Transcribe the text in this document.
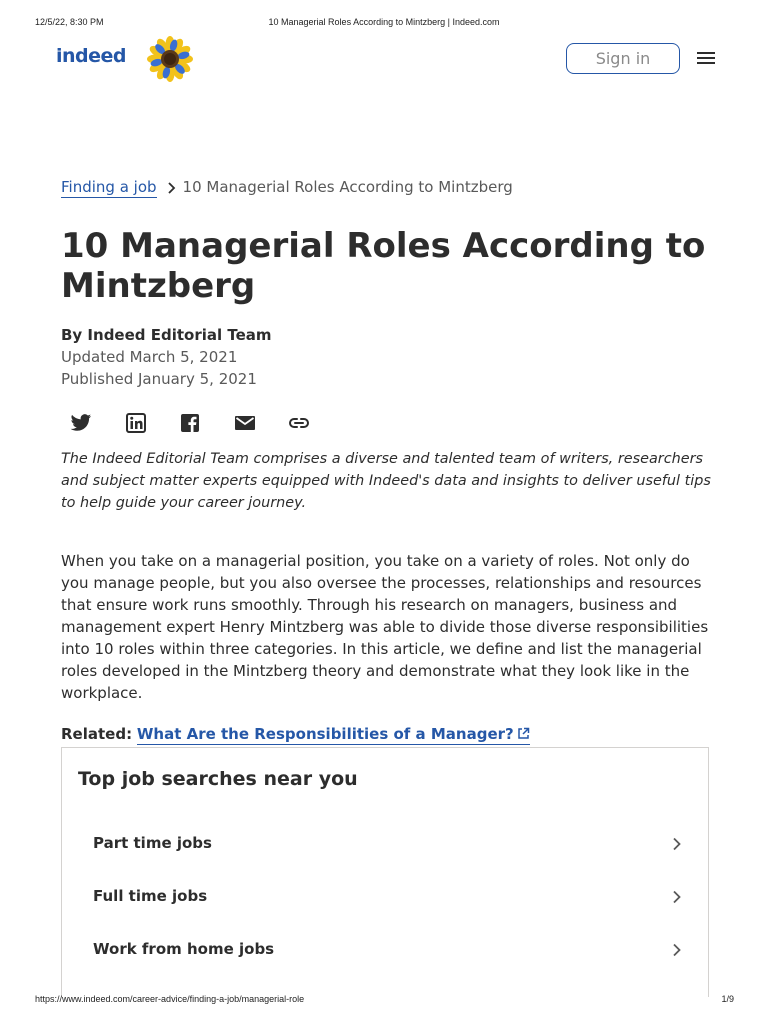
12/5/22, 8:30 PM	10 Managerial Roles According to Mintzberg | Indeed.com
indeed	Sign in
Finding a job 10 Managerial Roles According to Mintzberg
10 Managerial Roles According to
Mintzberg
By Indeed Editorial Team
Updated March 5, 2021
Published January 5, 2021

The Indeed Editorial Team comprises a diverse and talented team of writers, researchers and subject matter experts equipped with Indeed's data and insights to deliver useful tips to help guide your career journey.

When you take on a managerial position, you take on a variety of roles. Not only do you manage people, but you also oversee the processes, relationships and resources that ensure work runs smoothly. Through his research on managers, business and management expert Henry Mintzberg was able to divide those diverse responsibilities into 10 roles within three categories. In this article, we define and list the managerial roles developed in the Mintzberg theory and demonstrate what they look like in the workplace.

Related: What Are the Responsibilities of a Manager?
Top job searches near you
Part time jobs
Full time jobs
Work from home jobs
https://www.indeed.com/career-advice/finding-a-job/managerial-role	1/9
